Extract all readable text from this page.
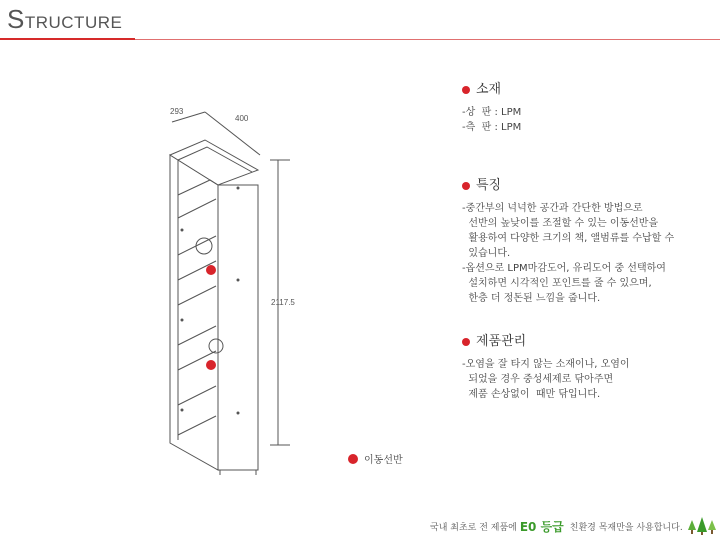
STRUCTURE
293
400
2117.5
소재
-상  판 : LPM
-측  판 : LPM
특징
-중간부의 넉넉한 공간과 간단한 방법으로
선반의 높낮이를 조절할 수 있는 이동선반을
활용하여 다양한 크기의 책, 앨범류를 수납할 수
있습니다.
-옵션으로 LPM마감도어, 유리도어 중 선택하여
설치하면 시각적인 포인트를 줄 수 있으며,
한층 더 정돈된 느낌을 줍니다.
제품관리
-오염을 잘 타지 않는 소재이나, 오염이
되었을 경우 중성세제로 닦아주면
제품 손상없이  때만 닦입니다.
이동선반
국내 최초로 전 제품에 E0 등급 친환경 목재만을 사용합니다.
